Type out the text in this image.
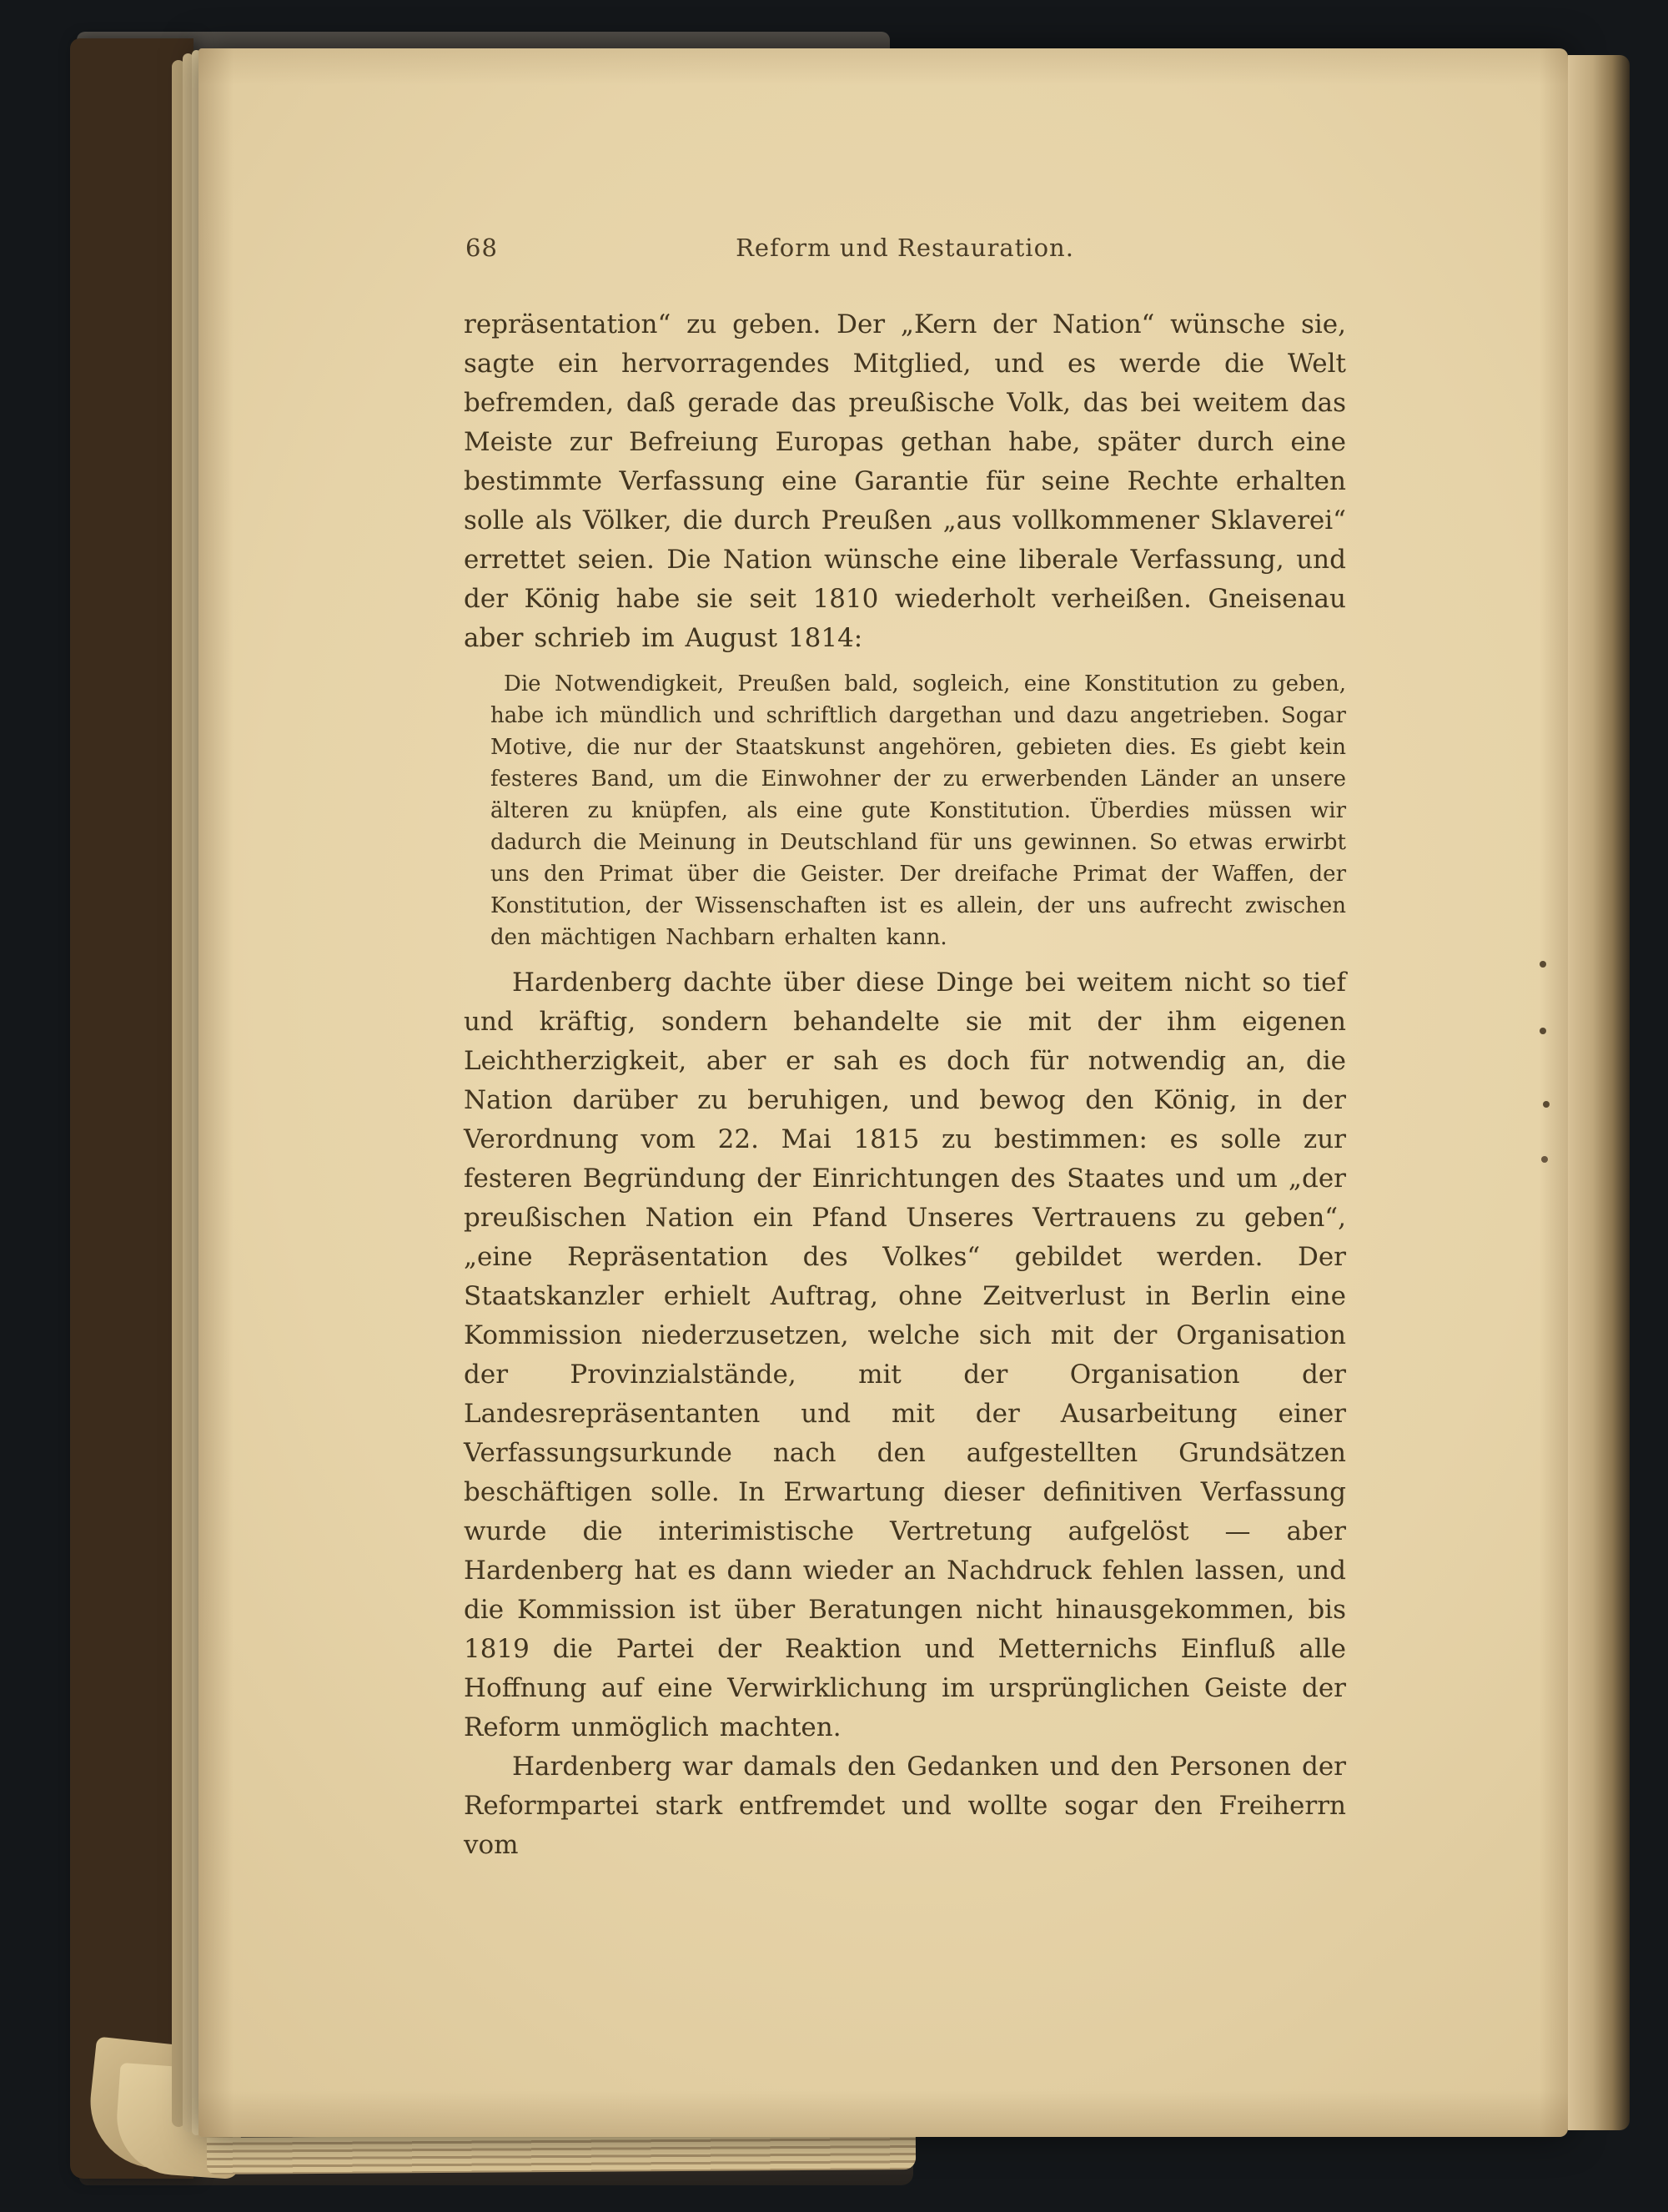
68	Reform und Restauration.

repräsentation“ zu geben. Der „Kern der Nation“ wünsche sie, sagte ein hervorragendes Mitglied, und es werde die Welt befremden, daß gerade das preußische Volk, das bei weitem das Meiste zur Befreiung Europas gethan habe, später durch eine bestimmte Verfassung eine Garantie für seine Rechte erhalten solle als Völker, die durch Preußen „aus vollkommener Sklaverei“ errettet seien. Die Nation wünsche eine liberale Verfassung, und der König habe sie seit 1810 wiederholt verheißen. Gneisenau aber schrieb im August 1814:

Die Notwendigkeit, Preußen bald, sogleich, eine Konstitution zu geben, habe ich mündlich und schriftlich dargethan und dazu angetrieben. Sogar Motive, die nur der Staatskunst angehören, gebieten dies. Es giebt kein festeres Band, um die Einwohner der zu erwerbenden Länder an unsere älteren zu knüpfen, als eine gute Konstitution. Überdies müssen wir dadurch die Meinung in Deutschland für uns gewinnen. So etwas erwirbt uns den Primat über die Geister. Der dreifache Primat der Waffen, der Konstitution, der Wissenschaften ist es allein, der uns aufrecht zwischen den mächtigen Nachbarn erhalten kann.

Hardenberg dachte über diese Dinge bei weitem nicht so tief und kräftig, sondern behandelte sie mit der ihm eigenen Leichtherzigkeit, aber er sah es doch für notwendig an, die Nation darüber zu beruhigen, und bewog den König, in der Verordnung vom 22. Mai 1815 zu bestimmen: es solle zur festeren Begründung der Einrichtungen des Staates und um „der preußischen Nation ein Pfand Unseres Vertrauens zu geben“, „eine Repräsentation des Volkes“ gebildet werden. Der Staatskanzler erhielt Auftrag, ohne Zeitverlust in Berlin eine Kommission niederzusetzen, welche sich mit der Organisation der Provinzialstände, mit der Organisation der Landesrepräsentanten und mit der Ausarbeitung einer Verfassungsurkunde nach den aufgestellten Grundsätzen beschäftigen solle. In Erwartung dieser definitiven Verfassung wurde die interimistische Vertretung aufgelöst — aber Hardenberg hat es dann wieder an Nachdruck fehlen lassen, und die Kommission ist über Beratungen nicht hinausgekommen, bis 1819 die Partei der Reaktion und Metternichs Einfluß alle Hoffnung auf eine Verwirklichung im ursprünglichen Geiste der Reform unmöglich machten.

Hardenberg war damals den Gedanken und den Personen der Reformpartei stark entfremdet und wollte sogar den Freiherrn vom
